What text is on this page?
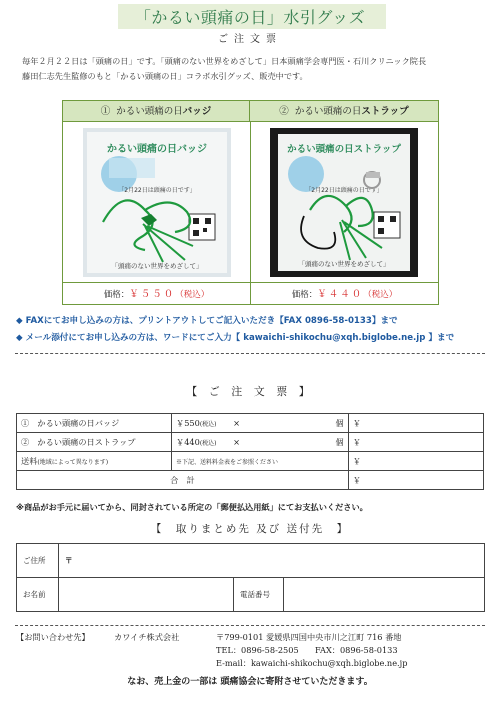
「かるい頭痛の日」水引グッズ
ご注文票
毎年２月２２日は「頭痛の日」です。「頭痛のない世界をめざして」日本頭痛学会専門医・石川クリニック院長
藤田仁志先生監修のもと「かるい頭痛の日」コラボ水引グッズ、販売中です。
① かるい頭痛の日バッジ	② かるい頭痛の日ストラップ
かるい頭痛の日バッジ
「2月22日は頭痛の日です」
「頭痛のない世界をめざして」
かるい頭痛の日ストラップ
「2月22日は頭痛の日です」
「頭痛のない世界をめざして」
価格：￥５５０（税込）	価格：￥４４０（税込）
◆ FAXにてお申し込みの方は、プリントアウトしてご記入いただき【FAX 0896-58-0133】まで
◆ メール添付にてお申し込みの方は、ワードにてご入力【 kawaichi-shikochu@xqh.biglobe.ne.jp 】まで
【 ご 注 文 票 】
①　かるい頭痛の日バッジ	￥550(税込) ×	個	￥
②　かるい頭痛の日ストラップ	￥440(税込) ×	個	￥
送料(地域によって異なります)	※下記、送料料金表をご参照ください		￥
合　計			￥
※商品がお手元に届いてから、同封されている所定の「郵便払込用紙」にてお支払いください。
【　取りまとめ先 及び 送付先　】
ご住所	〒		
お名前		電話番号	
【お問い合わせ先】	カワイチ株式会社	〒799-0101 愛媛県四国中央市川之江町 716 番地
TEL：0896-58-2505　　FAX：0896-58-0133
E-mail：kawaichi-shikochu@xqh.biglobe.ne.jp
なお、売上金の一部は 頭痛協会に寄附させていただきます。
